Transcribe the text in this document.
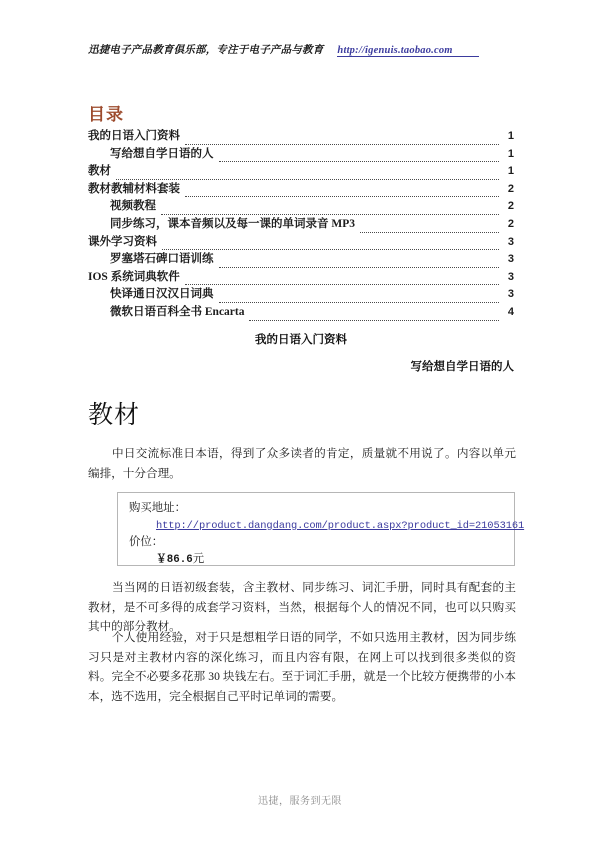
迅捷电子产品教育俱乐部，专注于电子产品与教育 http://igenuis.taobao.com
目录
我的日语入门资料	1
写给想自学日语的人	1
教材	1
教材教辅材料套装	2
视频教程	2
同步练习，课本音频以及每一课的单词录音 MP3	2
课外学习资料	3
罗塞塔石碑口语训练	3
IOS 系统词典软件	3
快译通日汉汉日词典	3
微软日语百科全书 Encarta	4
我的日语入门资料
写给想自学日语的人
教材
中日交流标准日本语，得到了众多读者的肯定，质量就不用说了。内容以单元编排，十分合理。
购买地址：
http://product.dangdang.com/product.aspx?product_id=21053161
价位：
￥86.6元
当当网的日语初级套装，含主教材、同步练习、词汇手册，同时具有配套的主教材，是不可多得的成套学习资料，当然，根据每个人的情况不同，也可以只购买其中的部分教材。
个人使用经验，对于只是想粗学日语的同学，不如只选用主教材，因为同步练习只是对主教材内容的深化练习，而且内容有限，在网上可以找到很多类似的资料。完全不必要多花那 30 块钱左右。至于词汇手册，就是一个比较方便携带的小本本，选不选用，完全根据自己平时记单词的需要。
迅捷，服务到无限
